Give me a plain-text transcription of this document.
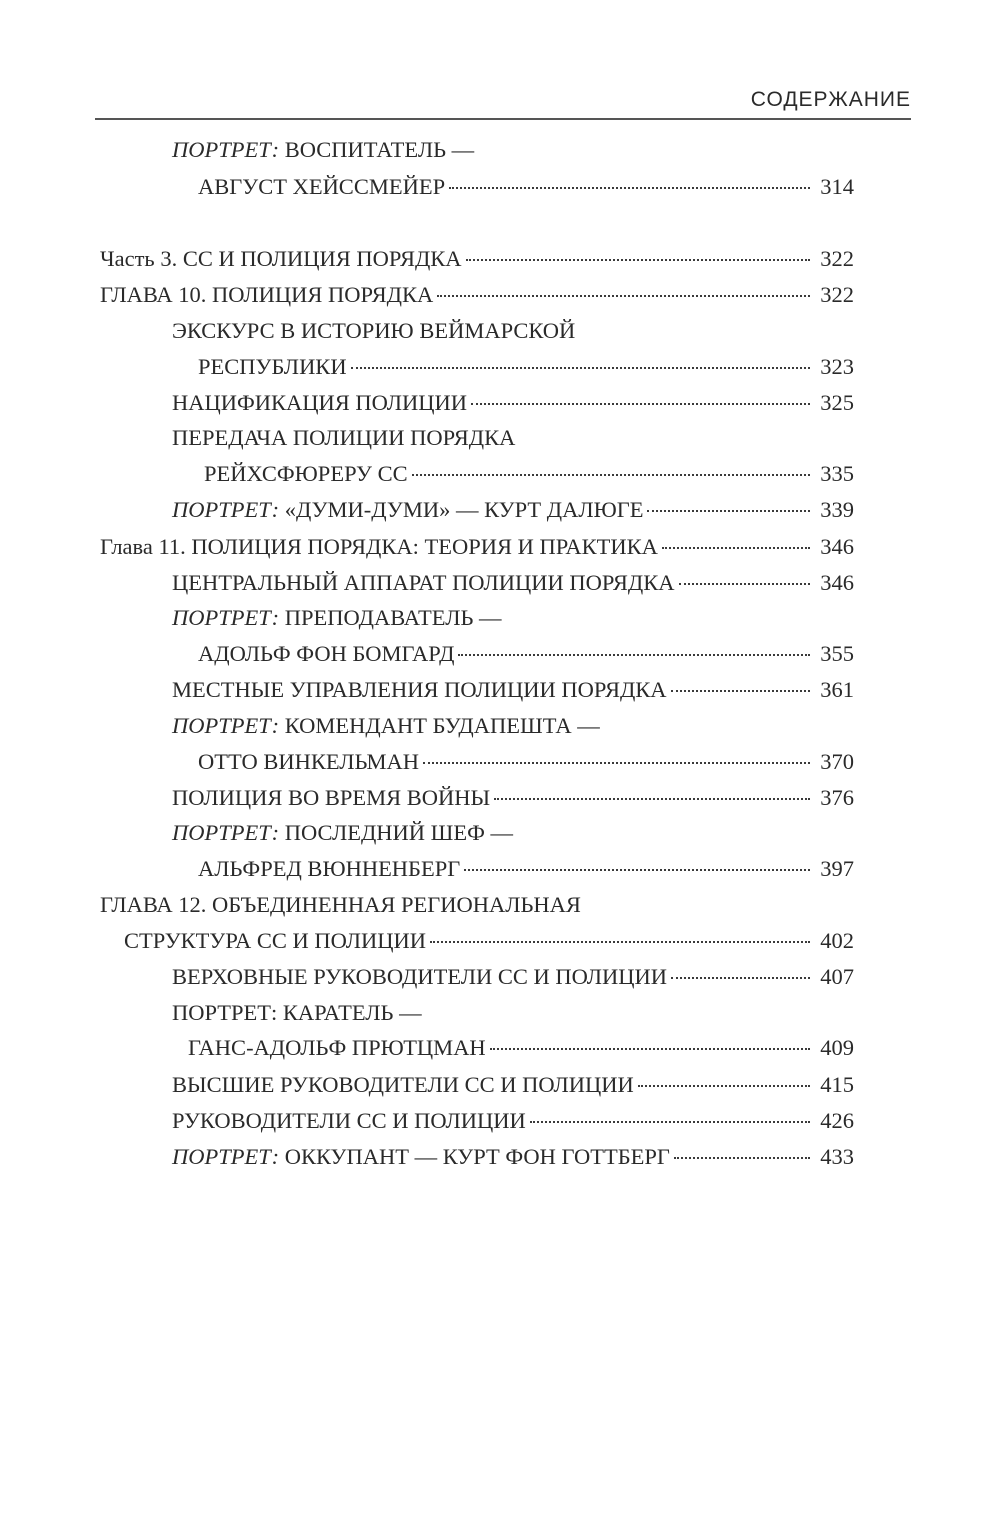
СОДЕРЖАНИЕ
ПОРТРЕТ: ВОСПИТАТЕЛЬ —
АВГУСТ ХЕЙССМЕЙЕР	314
Часть 3. СС И ПОЛИЦИЯ ПОРЯДКА	322
ГЛАВА 10. ПОЛИЦИЯ ПОРЯДКА	322
ЭКСКУРС В ИСТОРИЮ ВЕЙМАРСКОЙ
РЕСПУБЛИКИ	323
НАЦИФИКАЦИЯ ПОЛИЦИИ	325
ПЕРЕДАЧА ПОЛИЦИИ ПОРЯДКА
РЕЙХСФЮРЕРУ СС	335
ПОРТРЕТ: «ДУМИ-ДУМИ» — КУРТ ДАЛЮГЕ	339
Глава 11. ПОЛИЦИЯ ПОРЯДКА: ТЕОРИЯ И ПРАКТИКА	346
ЦЕНТРАЛЬНЫЙ АППАРАТ ПОЛИЦИИ ПОРЯДКА	346
ПОРТРЕТ: ПРЕПОДАВАТЕЛЬ —
АДОЛЬФ ФОН БОМГАРД	355
МЕСТНЫЕ УПРАВЛЕНИЯ ПОЛИЦИИ ПОРЯДКА	361
ПОРТРЕТ: КОМЕНДАНТ БУДАПЕШТА —
ОТТО ВИНКЕЛЬМАН	370
ПОЛИЦИЯ ВО ВРЕМЯ ВОЙНЫ	376
ПОРТРЕТ: ПОСЛЕДНИЙ ШЕФ —
АЛЬФРЕД ВЮННЕНБЕРГ	397
ГЛАВА 12. ОБЪЕДИНЕННАЯ РЕГИОНАЛЬНАЯ
СТРУКТУРА СС И ПОЛИЦИИ	402
ВЕРХОВНЫЕ РУКОВОДИТЕЛИ СС И ПОЛИЦИИ	407
ПОРТРЕТ: КАРАТЕЛЬ —
ГАНС-АДОЛЬФ ПРЮТЦМАН	409
ВЫСШИЕ РУКОВОДИТЕЛИ СС И ПОЛИЦИИ	415
РУКОВОДИТЕЛИ СС И ПОЛИЦИИ	426
ПОРТРЕТ: ОККУПАНТ — КУРТ ФОН ГОТТБЕРГ	433
